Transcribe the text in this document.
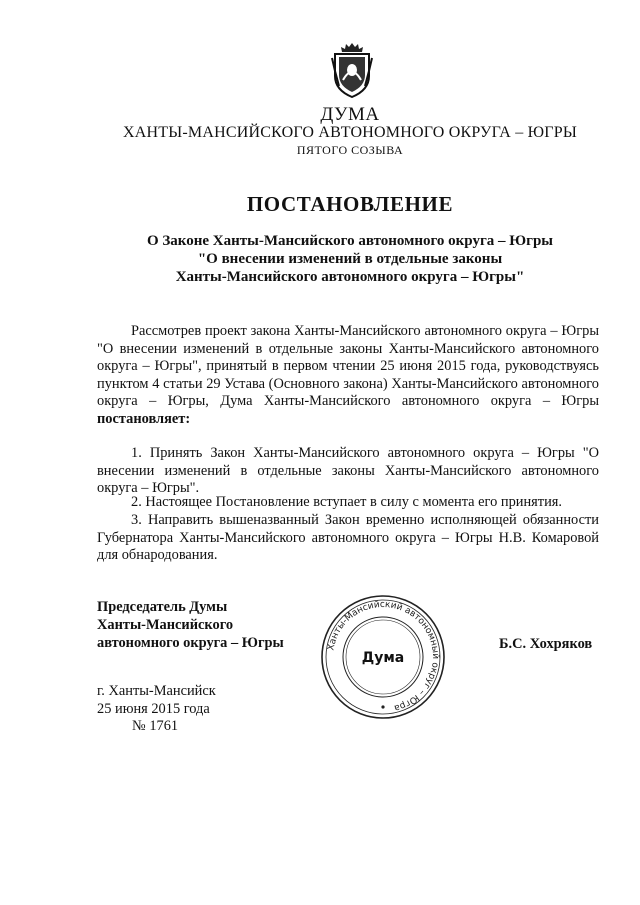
ДУМА
ХАНТЫ-МАНСИЙСКОГО АВТОНОМНОГО ОКРУГА – ЮГРЫ
ПЯТОГО СОЗЫВА
ПОСТАНОВЛЕНИЕ
О Законе Ханты-Мансийского автономного округа – Югры
"О внесении изменений в отдельные законы
Ханты-Мансийского автономного округа – Югры"
Рассмотрев проект закона Ханты-Мансийского автономного округа – Югры "О внесении изменений в отдельные законы Ханты-Мансийского автономного округа – Югры", принятый в первом чтении 25 июня 2015 года, руководствуясь пунктом 4 статьи 29 Устава (Основного закона) Ханты-Мансийского автономного округа – Югры, Дума Ханты-Мансийского автономного округа – Югры постановляет:
1. Принять Закон Ханты-Мансийского автономного округа – Югры "О внесении изменений в отдельные законы Ханты-Мансийского автономного округа – Югры".
2. Настоящее Постановление вступает в силу с момента его принятия.
3. Направить вышеназванный Закон временно исполняющей обязанности Губернатора Ханты-Мансийского автономного округа – Югры Н.В. Комаровой для обнародования.
Председатель Думы
Ханты-Мансийского
автономного округа – Югры	Ханты-Мансийский автономный округ – Югра
Дума
Б.С. Хохряков
г. Ханты-Мансийск
25 июня 2015 года
№ 1761
